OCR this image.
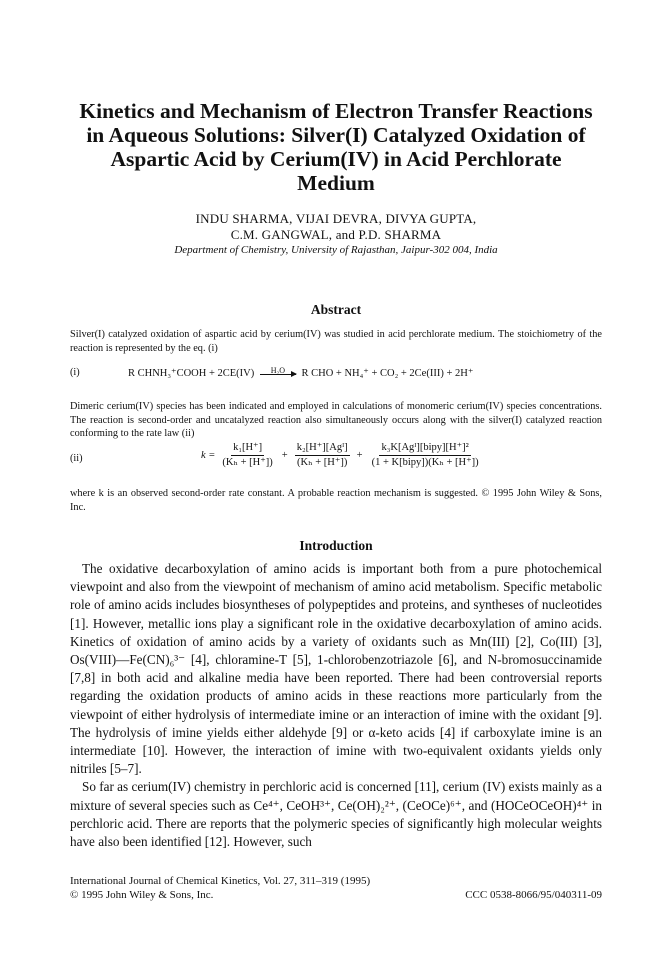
Kinetics and Mechanism of Electron Transfer Reactions in Aqueous Solutions: Silver(I) Catalyzed Oxidation of Aspartic Acid by Cerium(IV) in Acid Perchlorate Medium
INDU SHARMA, VIJAI DEVRA, DIVYA GUPTA,
C.M. GANGWAL, and P.D. SHARMA
Department of Chemistry, University of Rajasthan, Jaipur-302 004, India
Abstract
Silver(I) catalyzed oxidation of aspartic acid by cerium(IV) was studied in acid perchlorate medium. The stoichiometry of the reaction is represented by the eq. (i)
(i)	R CHNH₃⁺COOH + 2CE(IV)	H₂O	R CHO + NH₄⁺ + CO₂ + 2Ce(III) + 2H⁺
Dimeric cerium(IV) species has been indicated and employed in calculations of monomeric cerium(IV) species concentrations. The reaction is second-order and uncatalyzed reaction also simultaneously occurs along with the silver(I) catalyzed reaction conforming to the rate law (ii)
(ii)	$k = \frac{\text{k₁[H⁺]}}{\text{(Kₕ + [H⁺])}} + \frac{\text{k₂[H⁺][Agᴵ]}}{\text{(Kₕ + [H⁺])}} + \frac{\text{k₃K[Agᴵ][bipy][H⁺]²}}{\text{(1 + K[bipy])(Kₕ + [H⁺])}}$
where k is an observed second-order rate constant. A probable reaction mechanism is suggested. © 1995 John Wiley & Sons, Inc.
Introduction

The oxidative decarboxylation of amino acids is important both from a pure photochemical viewpoint and also from the viewpoint of mechanism of amino acid metabolism. Specific metabolic role of amino acids includes biosyntheses of polypeptides and proteins, and syntheses of nucleotides [1]. However, metallic ions play a significant role in the oxidative decarboxylation of amino acids. Kinetics of oxidation of amino acids by a variety of oxidants such as Mn(III) [2], Co(III) [3], Os(VIII)—Fe(CN)₆³⁻ [4], chloramine-T [5], 1-chlorobenzotriazole [6], and N-bromosuccinamide [7,8] in both acid and alkaline media have been reported. There had been controversial reports regarding the oxidation products of amino acids in these reactions more particularly from the viewpoint of either hydrolysis of intermediate imine or an interaction of imine with the oxidant [9]. The hydrolysis of imine yields either aldehyde [9] or α-keto acids [4] if carboxylate imine is an intermediate [10]. However, the interaction of imine with two-equivalent oxidants yields only nitriles [5–7].

So far as cerium(IV) chemistry in perchloric acid is concerned [11], cerium (IV) exists mainly as a mixture of several species such as Ce⁴⁺, CeOH³⁺, Ce(OH)₂²⁺, (CeOCe)⁶⁺, and (HOCeOCeOH)⁴⁺ in perchloric acid. There are reports that the polymeric species of significantly high molecular weights have also been identified [12]. However, such

International Journal of Chemical Kinetics, Vol. 27, 311–319 (1995)
© 1995 John Wiley & Sons, Inc.	CCC 0538-8066/95/040311-09
